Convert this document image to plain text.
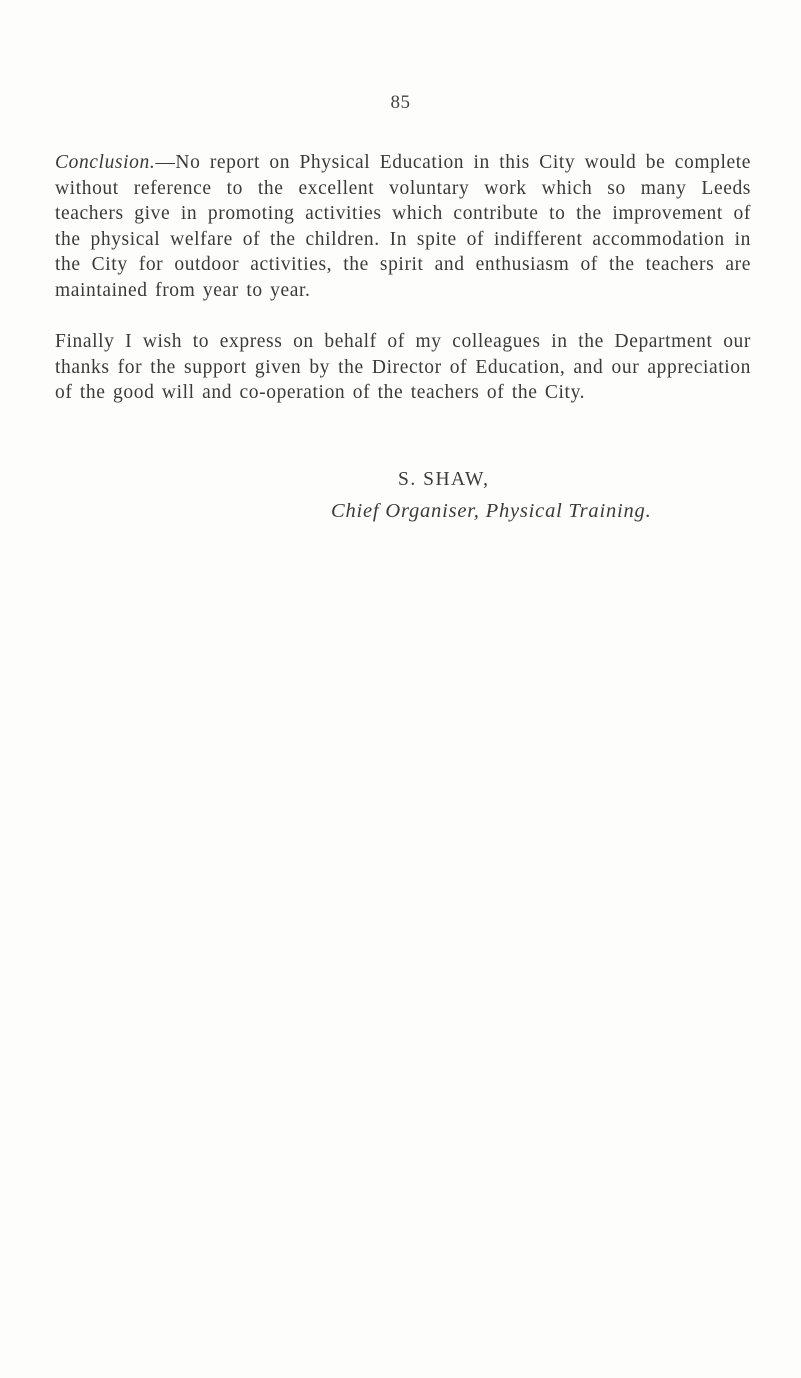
85

Conclusion.—No report on Physical Education in this City would be complete without reference to the excellent voluntary work which so many Leeds teachers give in promoting activities which contribute to the improvement of the physical welfare of the children. In spite of indifferent accommodation in the City for outdoor activities, the spirit and enthusiasm of the teachers are maintained from year to year.

Finally I wish to express on behalf of my colleagues in the Department our thanks for the support given by the Director of Education, and our appreciation of the good will and co-operation of the teachers of the City.

S. SHAW,
Chief Organiser, Physical Training.
